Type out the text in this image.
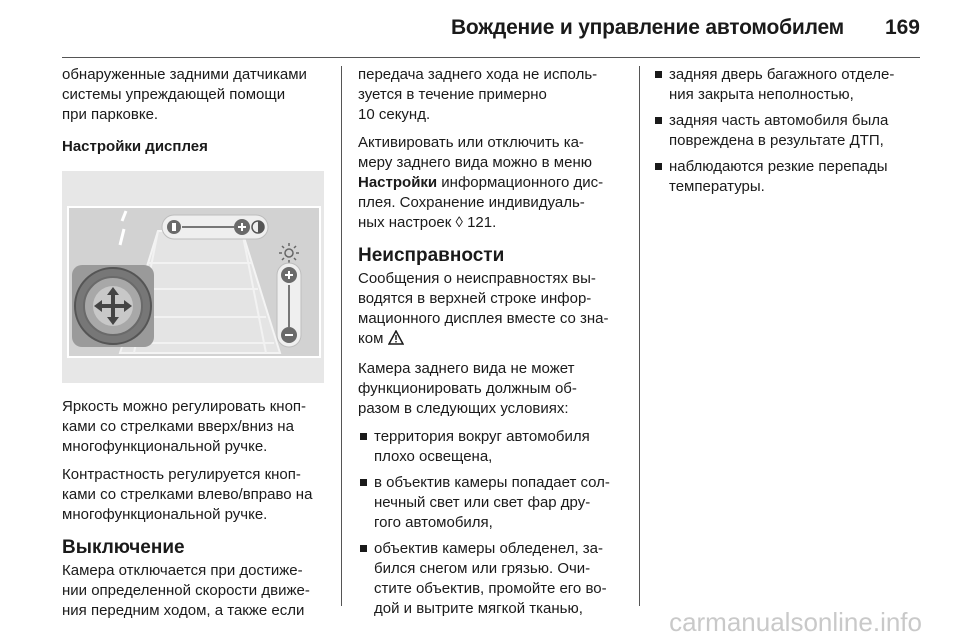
Вождение и управление автомобилем 169

обнаруженные задними датчиками
системы упреждающей помощи
при парковке.

Настройки дисплея

Яркость можно регулировать кноп-
ками со стрелками вверх/вниз на
многофункциональной ручке.

Контрастность регулируется кноп-
ками со стрелками влево/вправо на
многофункциональной ручке.

Выключение

Камера отключается при достиже-
нии определенной скорости движе-
ния передним ходом, а также если

передача заднего хода не исполь-
зуется в течение примерно
10 секунд.

Активировать или отключить ка-
меру заднего вида можно в меню
Настройки информационного дис-
плея. Сохранение индивидуаль-
ных настроек ◊ 121.

Неисправности

Сообщения о неисправностях вы-
водятся в верхней строке инфор-
мационного дисплея вместе со зна-
ком

Камера заднего вида не может
функционировать должным об-
разом в следующих условиях:

территория вокруг автомобиля
плохо освещена,
в объектив камеры попадает сол-
нечный свет или свет фар дру-
гого автомобиля,
объектив камеры обледенел, за-
бился снегом или грязью. Очи-
стите объектив, промойте его во-
дой и вытрите мягкой тканью,
задняя дверь багажного отделе-
ния закрыта неполностью,
задняя часть автомобиля была
повреждена в результате ДТП,
наблюдаются резкие перепады
температуры.
carmanualsonline.info
